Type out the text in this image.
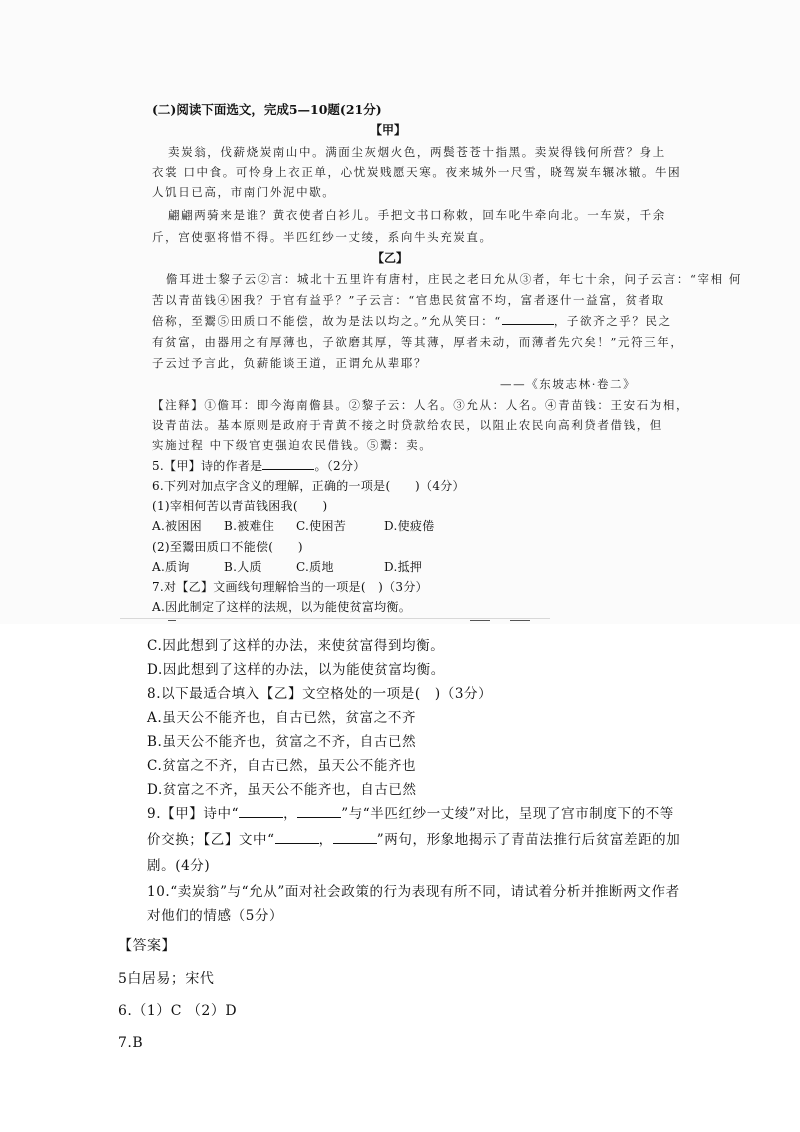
(二)阅读下面选文，完成5—10题(21分)
【甲】
卖炭翁，伐薪烧炭南山中。满面尘灰烟火色，两鬓苍苍十指黑。卖炭得钱何所营？身上
衣裳 口中食。可怜身上衣正单，心忧炭贱愿天寒。夜来城外一尺雪，晓驾炭车辗冰辙。牛困
人饥日已高，市南门外泥中歇。
翩翩两骑来是谁？黄衣使者白衫儿。手把文书口称敕，回车叱牛牵向北。一车炭，千余
斤，宫使驱将惜不得。半匹红纱一丈绫，系向牛头充炭直。
【乙】
儋耳进士黎子云②言：城北十五里许有唐村，庄民之老曰允从③者，年七十余，问子云言：“宰相 何
苦以青苗钱④困我？于官有益乎？”子云言：“官患民贫富不均，富者逐什一益富，贫者取
倍称，至鬻⑤田质口不能偿，故为是法以均之。”允从笑曰：“	，子欲齐之乎？民之
有贫富，由器用之有厚薄也，子欲磨其厚，等其薄，厚者未动，而薄者先穴矣！”元符三年，
子云过予言此，负薪能谈王道，正谓允从辈耶？
——《东坡志林·卷二》
【注释】①儋耳：即今海南儋县。②黎子云：人名。③允从：人名。④青苗钱：王安石为相，
设青苗法。基本原则是政府于青黄不接之时贷款给农民，以阻止农民向高利贷者借钱，但
实施过程 中下级官吏强迫农民借钱。⑤鬻：卖。
5.【甲】诗的作者是	。（2分）
6.下列对加点字含义的理解，正确的一项是(　　)（4分）
(1)宰相何苦以青苗钱困我(　　)
A.被困困 B.被难住 C.使困苦	D.使疲倦
(2)至鬻田质口不能偿(　　)
A.质询	B.人质	C.质地	D.抵押
7.对【乙】文画线句理解恰当的一项是(　)（3分）
A.因此制定了这样的法规，以为能使贫富均衡。
C.因此想到了这样的办法，来使贫富得到均衡。
D.因此想到了这样的办法，以为能使贫富均衡。
8.以下最适合填入【乙】文空格处的一项是(　)（3分）
A.虽天公不能齐也，自古已然，贫富之不齐
B.虽天公不能齐也，贫富之不齐，自古已然
C.贫富之不齐，自古已然，虽天公不能齐也
D.贫富之不齐，虽天公不能齐也，自古已然
9.【甲】诗中“	，	”与“半匹红纱一丈绫”对比，呈现了宫市制度下的不等
价交换；【乙】文中“	，	”两句，形象地揭示了青苗法推行后贫富差距的加
剧。(4分)
10.“卖炭翁”与“允从”面对社会政策的行为表现有所不同，请试着分析并推断两文作者
对他们的情感（5分）
【答案】
5白居易；宋代
6.（1）C （2）D
7.B
